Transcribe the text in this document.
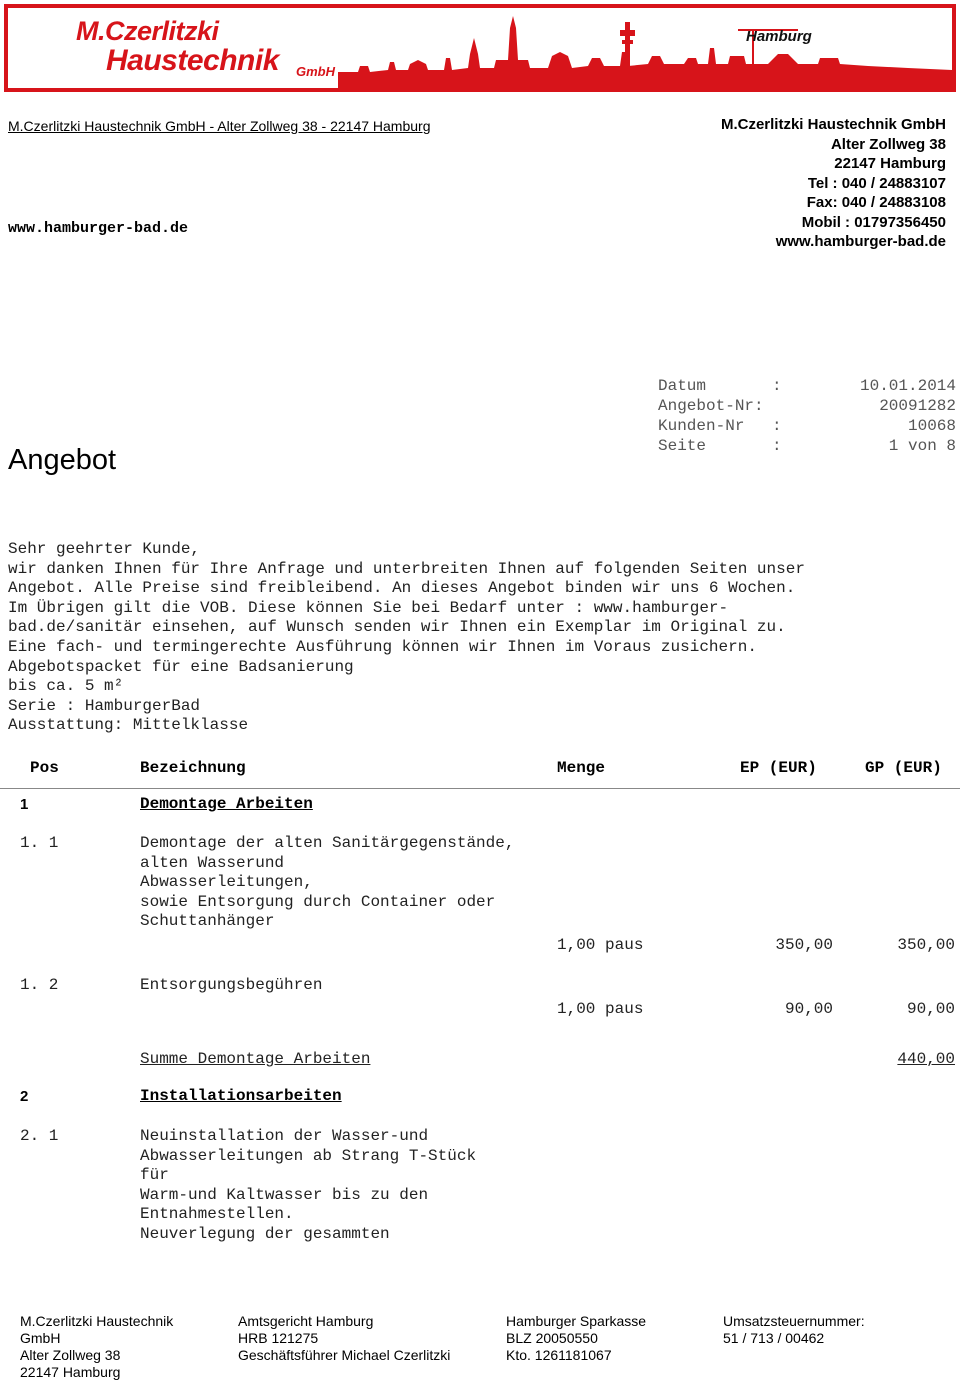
M.Czerlitzki
Haustechnik GmbH
Hamburg
M.Czerlitzki Haustechnik GmbH - Alter Zollweg 38 - 22147 Hamburg
www.hamburger-bad.de
M.Czerlitzki Haustechnik GmbH
Alter Zollweg 38
22147 Hamburg
Tel : 040 / 24883107
Fax: 040 / 24883108
Mobil : 01797356450
www.hamburger-bad.de
Angebot
Datum	:	10.01.2014
Angebot-Nr:	20091282
Kunden-Nr :	10068
Seite	:	1 von 8
Sehr geehrter Kunde,
wir danken Ihnen für Ihre Anfrage und unterbreiten Ihnen auf folgenden Seiten unser
Angebot. Alle Preise sind freibleibend. An dieses Angebot binden wir uns 6 Wochen.
Im Übrigen gilt die VOB. Diese können Sie bei Bedarf unter : www.hamburger-
bad.de/sanitär einsehen, auf Wunsch senden wir Ihnen ein Exemplar im Original zu.
Eine fach- und termingerechte Ausführung können wir Ihnen im Voraus zusichern.
Abgebotspacket für eine Badsanierung
bis ca. 5 m²
Serie : HamburgerBad
Ausstattung: Mittelklasse
Pos	Bezeichnung	Menge	EP (EUR)	GP (EUR)
1	Demontage Arbeiten
1. 1	Demontage der alten Sanitärgegenstände,
alten Wasserund
Abwasserleitungen,
sowie Entsorgung durch Container oder
Schuttanhänger
1,00 paus	350,00	350,00
1. 2	Entsorgungsbegühren
1,00 paus	90,00	90,00
Summe Demontage Arbeiten	440,00
2	Installationsarbeiten
2. 1	Neuinstallation der Wasser-und
Abwasserleitungen ab Strang T-Stück
für
Warm-und Kaltwasser bis zu den
Entnahmestellen.
Neuverlegung der gesammten
M.Czerlitzki Haustechnik
GmbH
Alter Zollweg 38
22147 Hamburg
Amtsgericht Hamburg
HRB 121275
Geschäftsführer Michael Czerlitzki
Hamburger Sparkasse
BLZ 20050550
Kto. 1261181067
Umsatzsteuernummer:
51 / 713 / 00462
